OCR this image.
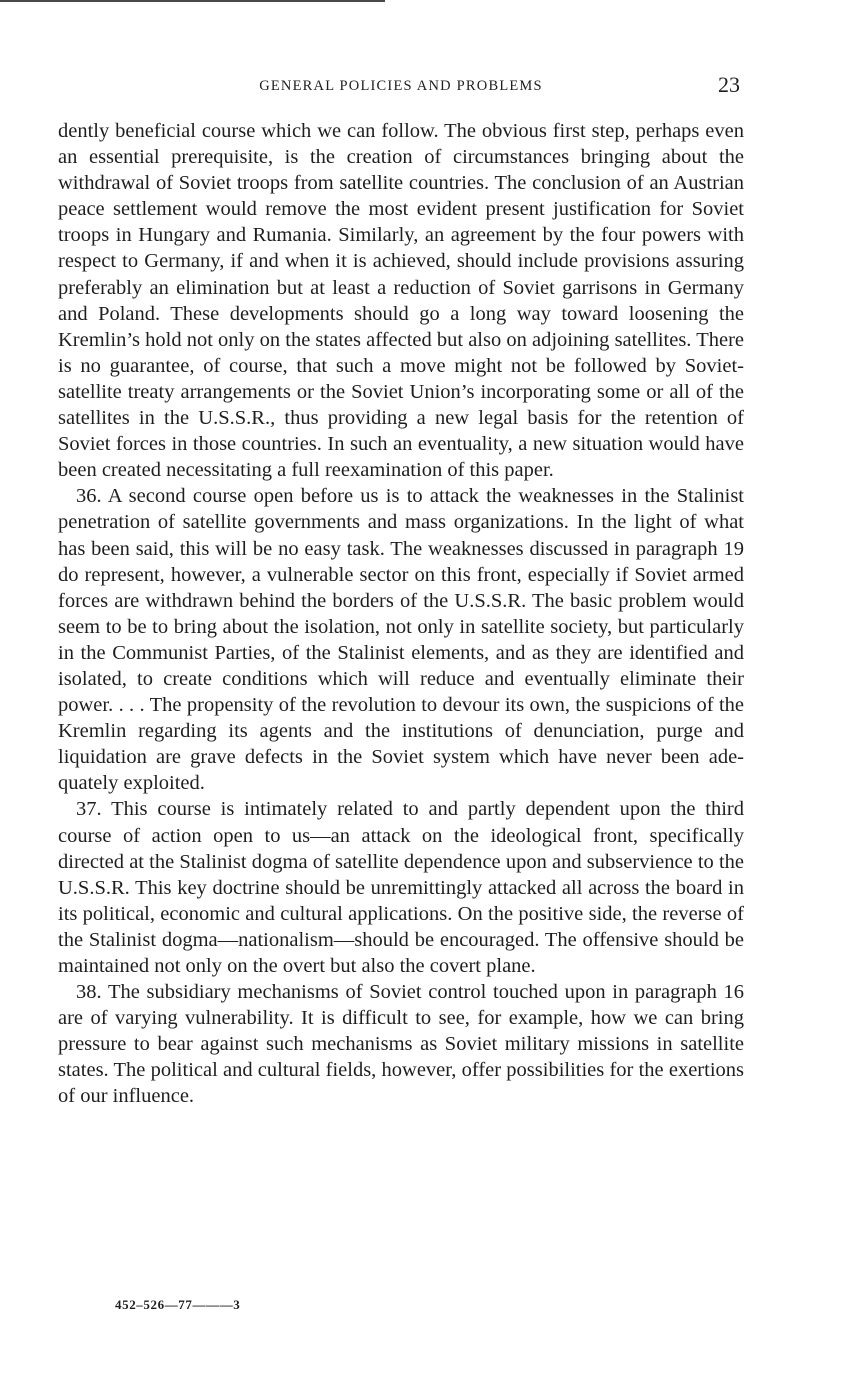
GENERAL POLICIES AND PROBLEMS	23

dently beneficial course which we can follow. The obvious first step, perhaps even an essential prerequisite, is the creation of circumstances bringing about the withdrawal of Soviet troops from satellite countries. The conclusion of an Austrian peace settlement would remove the most evident present justification for Soviet troops in Hungary and Rumania. Similarly, an agreement by the four powers with respect to Germany, if and when it is achieved, should include provisions assuring preferably an elimination but at least a reduction of Soviet garrisons in Germany and Poland. These developments should go a long way toward loosening the Kremlin’s hold not only on the states affected but also on adjoining satellites. There is no guarantee, of course, that such a move might not be followed by Soviet-satellite treaty arrangements or the Soviet Union’s incorporating some or all of the satellites in the U.S.S.R., thus providing a new legal basis for the retention of Soviet forces in those countries. In such an eventuality, a new situation would have been created necessitating a full reexamination of this paper.

36. A second course open before us is to attack the weaknesses in the Stalinist penetration of satellite governments and mass organizations. In the light of what has been said, this will be no easy task. The weaknesses discussed in paragraph 19 do represent, however, a vulnerable sector on this front, especially if Soviet armed forces are withdrawn behind the borders of the U.S.S.R. The basic problem would seem to be to bring about the isolation, not only in satellite society, but particularly in the Communist Parties, of the Stalinist elements, and as they are identified and isolated, to create conditions which will reduce and eventually eliminate their power. . . . The propensity of the revolution to devour its own, the suspicions of the Kremlin regarding its agents and the institutions of denunciation, purge and liquidation are grave defects in the Soviet system which have never been adequately exploited.

37. This course is intimately related to and partly dependent upon the third course of action open to us—an attack on the ideological front, specifically directed at the Stalinist dogma of satellite dependence upon and subservience to the U.S.S.R. This key doctrine should be unremittingly attacked all across the board in its political, economic and cultural applications. On the positive side, the reverse of the Stalinist dogma—nationalism—should be encouraged. The offensive should be maintained not only on the overt but also the covert plane.

38. The subsidiary mechanisms of Soviet control touched upon in paragraph 16 are of varying vulnerability. It is difficult to see, for example, how we can bring pressure to bear against such mechanisms as Soviet military missions in satellite states. The political and cultural fields, however, offer possibilities for the exertions of our influence.

452–526—77———3
